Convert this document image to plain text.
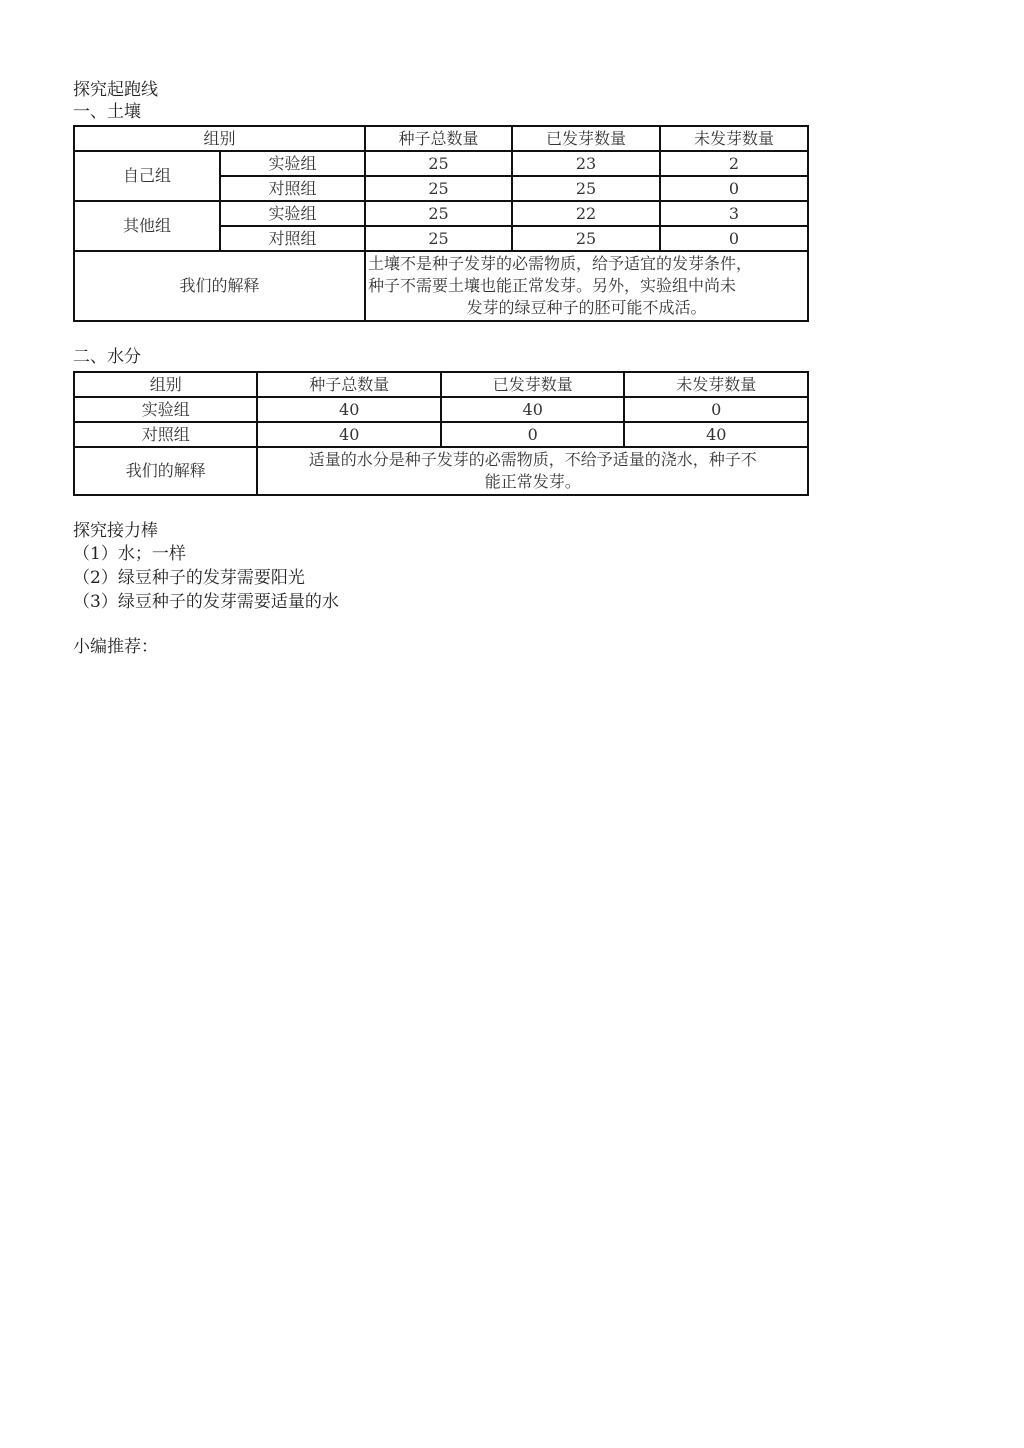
探究起跑线
一、土壤
组别		种子总数量	已发芽数量	未发芽数量
自己组	实验组	25	23	2
	对照组	25	25	0
其他组	实验组	25	22	3
	对照组	25	25	0
我们的解释		土壤不是种子发芽的必需物质，给予适宜的发芽条件，
种子不需要土壤也能正常发芽。另外，实验组中尚未
发芽的绿豆种子的胚可能不成活。		
二、水分
组别	种子总数量	已发芽数量	未发芽数量
实验组	40	40	0
对照组	40	0	40
我们的解释	适量的水分是种子发芽的必需物质，不给予适量的浇水，种子不
能正常发芽。		
探究接力棒
（1）水；一样
（2）绿豆种子的发芽需要阳光
（3）绿豆种子的发芽需要适量的水
小编推荐：
